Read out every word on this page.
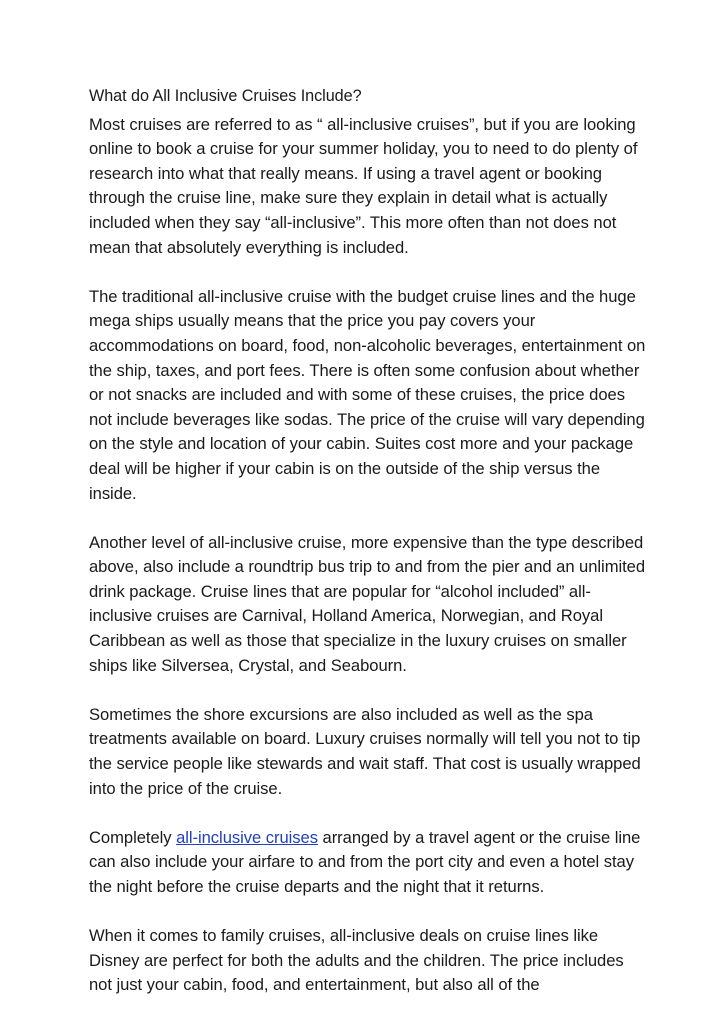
What do All Inclusive Cruises Include?

Most cruises are referred to as “ all-inclusive cruises”, but if you are looking online to book a cruise for your summer holiday, you to need to do plenty of research into what that really means. If using a travel agent or booking through the cruise line, make sure they explain in detail what is actually included when they say “all-inclusive”. This more often than not does not mean that absolutely everything is included.

The traditional all-inclusive cruise with the budget cruise lines and the huge mega ships usually means that the price you pay covers your accommodations on board, food, non-alcoholic beverages, entertainment on the ship, taxes, and port fees. There is often some confusion about whether or not snacks are included and with some of these cruises, the price does not include beverages like sodas. The price of the cruise will vary depending on the style and location of your cabin. Suites cost more and your package deal will be higher if your cabin is on the outside of the ship versus the inside.

Another level of all-inclusive cruise, more expensive than the type described above, also include a roundtrip bus trip to and from the pier and an unlimited drink package. Cruise lines that are popular for “alcohol included” all-inclusive cruises are Carnival, Holland America, Norwegian, and Royal Caribbean as well as those that specialize in the luxury cruises on smaller ships like Silversea, Crystal, and Seabourn.

Sometimes the shore excursions are also included as well as the spa treatments available on board. Luxury cruises normally will tell you not to tip the service people like stewards and wait staff. That cost is usually wrapped into the price of the cruise.

Completely all-inclusive cruises arranged by a travel agent or the cruise line can also include your airfare to and from the port city and even a hotel stay the night before the cruise departs and the night that it returns.

When it comes to family cruises, all-inclusive deals on cruise lines like Disney are perfect for both the adults and the children. The price includes not just your cabin, food, and entertainment, but also all of the
